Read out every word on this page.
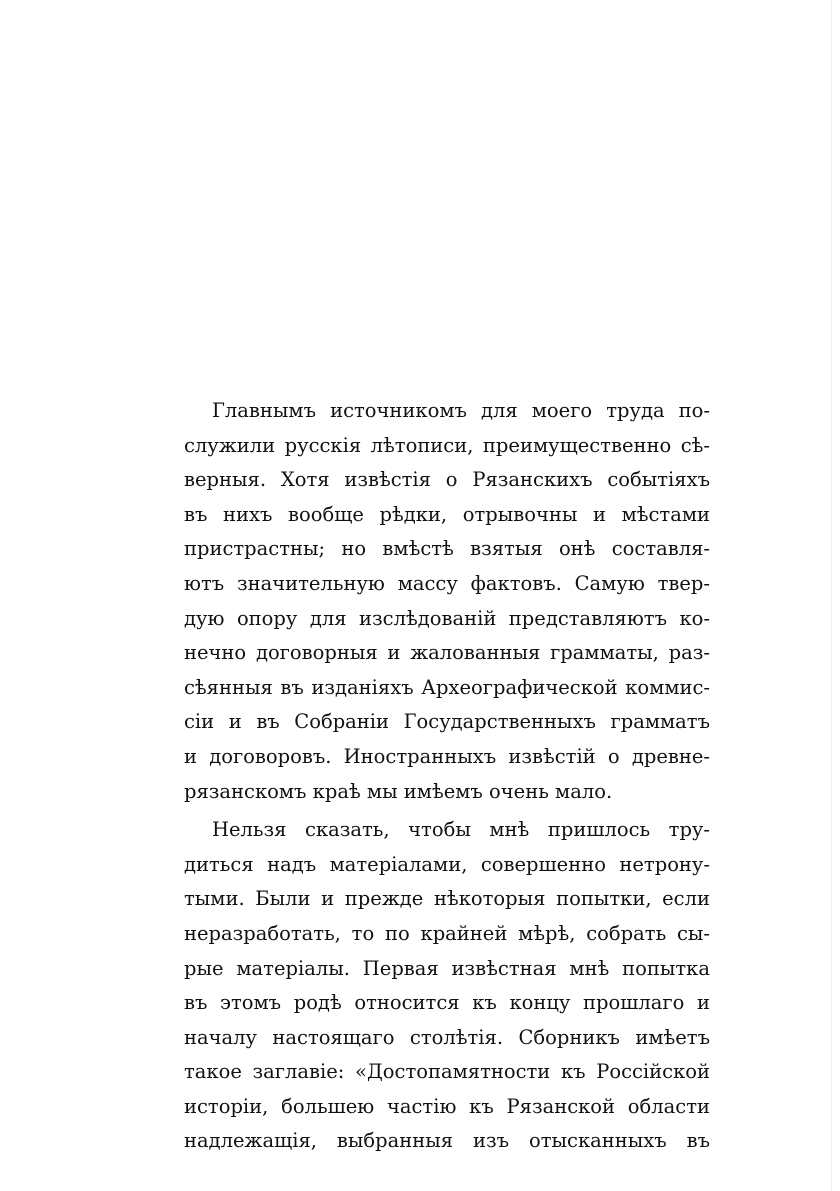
Главнымъ источникомъ для моего труда по-
служили русскія лѣтописи, преимущественно сѣ-
верныя. Хотя извѣстія о Рязанскихъ событіяхъ
въ нихъ вообще рѣдки, отрывочны и мѣстами
пристрастны; но вмѣстѣ взятыя онѣ составля-
ютъ значительную массу фактовъ. Самую твер-
дую опору для изслѣдованій представляютъ ко-
нечно договорныя и жалованныя грамматы, раз-
сѣянныя въ изданіяхъ Археографической коммис-
сіи и въ Собраніи Государственныхъ грамматъ
и договоровъ. Иностранныхъ извѣстій о древне-
рязанскомъ краѣ мы имѣемъ очень мало.

Нельзя сказать, чтобы мнѣ пришлось тру-
диться надъ матеріалами, совершенно нетрону-
тыми. Были и прежде нѣкоторыя попытки, если
неразработать, то по крайней мѣрѣ, собрать сы-
рые матеріалы. Первая извѣстная мнѣ попытка
въ этомъ родѣ относится къ концу прошлаго и
началу настоящаго столѣтія. Сборникъ имѣетъ
такое заглавіе: «Достопамятности къ Россійской
исторіи, большею частію къ Рязанской области
надлежащія, выбранныя изъ отысканныхъ въ
